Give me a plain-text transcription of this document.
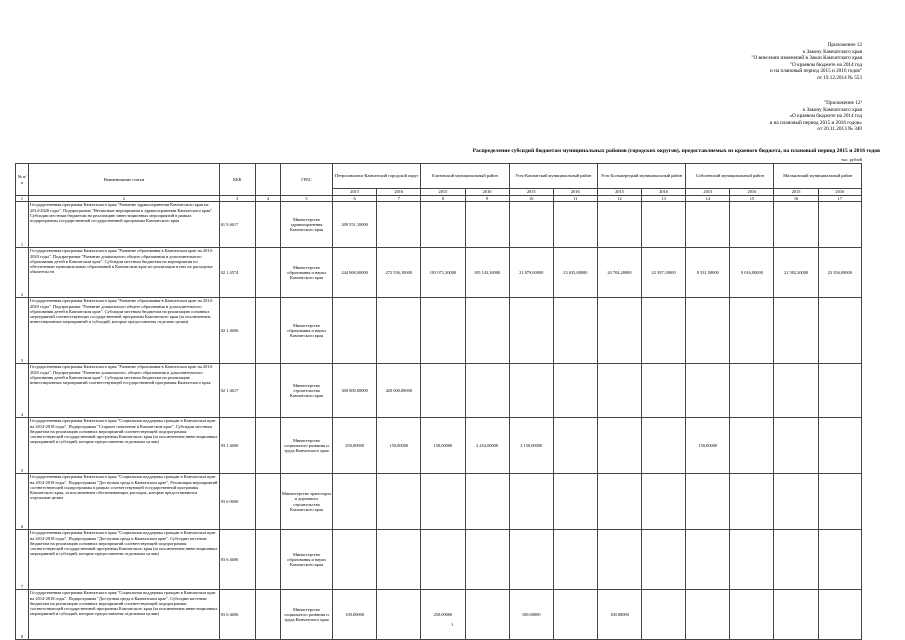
Приложение 12
к Закону Камчатского края
"О внесении изменений в Закон Камчатского края
"О краевом бюджете на 2014 год
и на плановый период 2015 и 2016 годов"
от 19.12.2014 № 553
"Приложение 12¹
к Закону Камчатского края
«О краевом бюджете на 2014 год
и на плановый период 2015 и 2016 годов»
от 20.11.2013 № 340
Распределение субсидий бюджетам муниципальных районов (городских округов), предоставляемых из краевого бюджета, на плановый период 2015 и 2016 годов
тыс. рублей
№ п/п	Наименование статьи	КБК		ГРБС	Петропавловск-Камчатский городской округ		Елизовский муниципальный район		Усть-Камчатский муниципальный район		Усть-Большерецкий муниципальный район		Соболевский муниципальный район		Мильковский муниципальный район	
					2015	2016	2015	2016	2015	2016	2015	2016	2015	2016	2015	2016
1	2	3	4	5	6	7	8	9	10	11	12	13	14	15	16	17
1	Государственная программа Камчатского края "Развитие здравоохранения Камчатского края на 2014-2020 годы". Подпрограмма "Нетиповые мероприятия в здравоохранении Камчатского края". Субсидии местным бюджетам на реализацию инвестиционных мероприятий в рамках подпрограммы государственной государственной программы Камчатского края	01 9 4617		Министерство здравоохранения Камчатского края	209 551,10000											
2	Государственная программа Камчатского края "Развитие образования в Камчатском крае на 2014-2020 годы". Подпрограмма "Развитие дошкольного общего образования и дополнительного образования детей в Камчатском крае". Субсидии местным бюджетам на мероприятия по обеспечению муниципальных образований в Камчатском крае по реализации в них их расходных обязательств	02 1 4574		Министерство образования и науки Камчатского края	244 868,00000	272 556,10000	103 971,30000	105 143,30000	21 879,00000	23 635,00000	20 704,20000	22 397,10000	8 331,50000	9 016,00000	21 582,20000	23 356,00000
3	Государственная программа Камчатского края "Развитие образования в Камчатском крае на 2014-2020 годы". Подпрограмма "Развитие дошкольного общего образования и дополнительного образования детей в Камчатском крае". Субсидии местным бюджетам на реализацию основных мероприятий соответствующих государственной программы Камчатского края (за исключением инвестиционных мероприятий и субсидий, которые предоставлены отдельно целям)	02 1 4606		Министерство образования и науки Камчатского края												
4	Государственная программа Камчатского края "Развитие образования в Камчатском крае на 2014-2020 годы". Подпрограмма "Развитие дошкольного, общего образования и дополнительного образования детей в Камчатском крае". Субсидии местным бюджетам на реализацию инвестиционных мероприятий соответствующей государственной программы Камчатского края	02 1 4617		Министерство строительства Камчатского края	300 000,00000	420 000,00000										
5	Государственная программа Камчатского края "Социальная поддержка граждан в Камчатском крае на 2014-2018 годы". Подпрограмма "Старшее поколение в Камчатском крае". Субсидии местным бюджетам на реализацию основных мероприятий соответствующей подпрограммы соответствующей государственной программы Камчатского края (за исключением инвестиционных мероприятий и субсидий, которые предоставлены отдельным целям)	03 1 4606		Министерство социального развития и труда Камчатского края	250,00000	150,00000	150,00000	2 454,00000	2 150,00000				150,00000			
6	Государственная программа Камчатского края "Социальная поддержка граждан в Камчатском крае на 2014-2018 годы". Подпрограмма "Доступная среда в Камчатском крае". Реализация мероприятий соответствующей подпрограммы в рамках соответствующей государственной программы Камчатского края, за исключением обеспечивающих расходов, которые предоставляются отдельным целям	03 6 0606		Министерство транспорта и дорожного строительства Камчатского края												
7	Государственная программа Камчатского края "Социальная поддержка граждан в Камчатском крае на 2014-2018 годы". Подпрограмма "Доступная среда в Камчатском крае". Субсидии местным бюджетам на реализацию основных мероприятий соответствующей подпрограммы соответствующей государственной программы Камчатского края (за исключением инвестиционных мероприятий и субсидий, которые предоставлены отдельным целям)	03 6 4606		Министерство образования и науки Камчатского края												
8	Государственная программа Камчатского края "Социальная поддержка граждан в Камчатском крае на 2014-2018 годы". Подпрограмма "Доступная среда в Камчатском крае". Субсидии местным бюджетам на реализацию основных мероприятий соответствующей подпрограммы соответствующей государственной программы Камчатского края (за исключением инвестиционных мероприятий и субсидий, которые предоставлены отдельным целям)	03 6 4606		Министерство социального развития и труда Камчатского края	100,00000		250,00000		100,00000		100,00000					
1
